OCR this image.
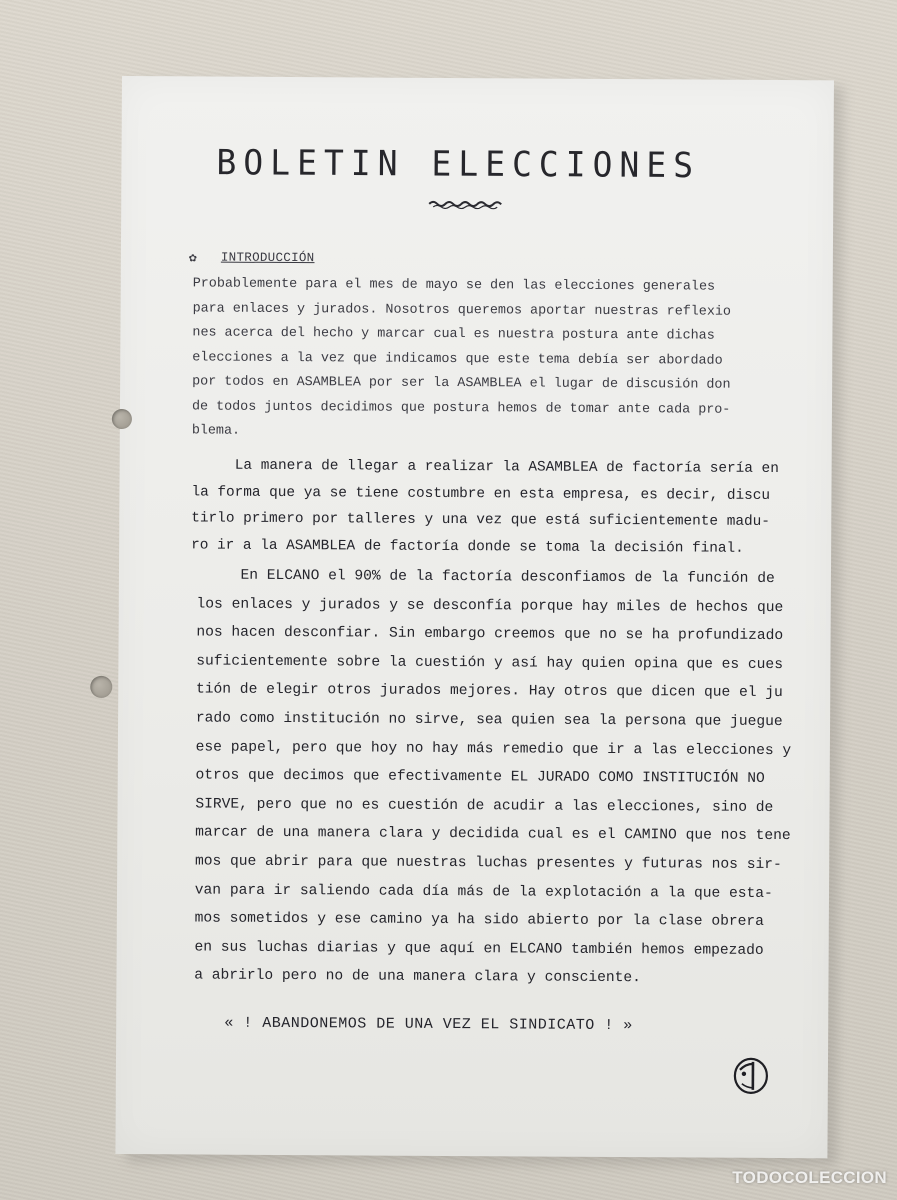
BOLETIN ELECCIONES
✿ INTRODUCCIÓN
Probablemente para el mes de mayo se den las elecciones generales
para enlaces y jurados. Nosotros queremos aportar nuestras reflexio
nes acerca del hecho y marcar cual es nuestra postura ante dichas
elecciones a la vez que indicamos que este tema debía ser abordado
por todos en ASAMBLEA por ser la ASAMBLEA el lugar de discusión don
de todos juntos decidimos que postura hemos de tomar ante cada pro-
blema.
La manera de llegar a realizar la ASAMBLEA de factoría sería en
la forma que ya se tiene costumbre en esta empresa, es decir, discu
tirlo primero por talleres y una vez que está suficientemente madu-
ro ir a la ASAMBLEA de factoría donde se toma la decisión final.
En ELCANO el 90% de la factoría desconfiamos de la función de
los enlaces y jurados y se desconfía porque hay miles de hechos que
nos hacen desconfiar. Sin embargo creemos que no se ha profundizado
suficientemente sobre la cuestión y así hay quien opina que es cues
tión de elegir otros jurados mejores. Hay otros que dicen que el ju
rado como institución no sirve, sea quien sea la persona que juegue
ese papel, pero que hoy no hay más remedio que ir a las elecciones y
otros que decimos que efectivamente EL JURADO COMO INSTITUCIÓN NO
SIRVE, pero que no es cuestión de acudir a las elecciones, sino de
marcar de una manera clara y decidida cual es el CAMINO que nos tene
mos que abrir para que nuestras luchas presentes y futuras nos sir-
van para ir saliendo cada día más de la explotación a la que esta-
mos sometidos y ese camino ya ha sido abierto por la clase obrera
en sus luchas diarias y que aquí en ELCANO también hemos empezado
a abrirlo pero no de una manera clara y consciente.
« ! ABANDONEMOS DE UNA VEZ EL SINDICATO ! »
TODOCOLECCION
